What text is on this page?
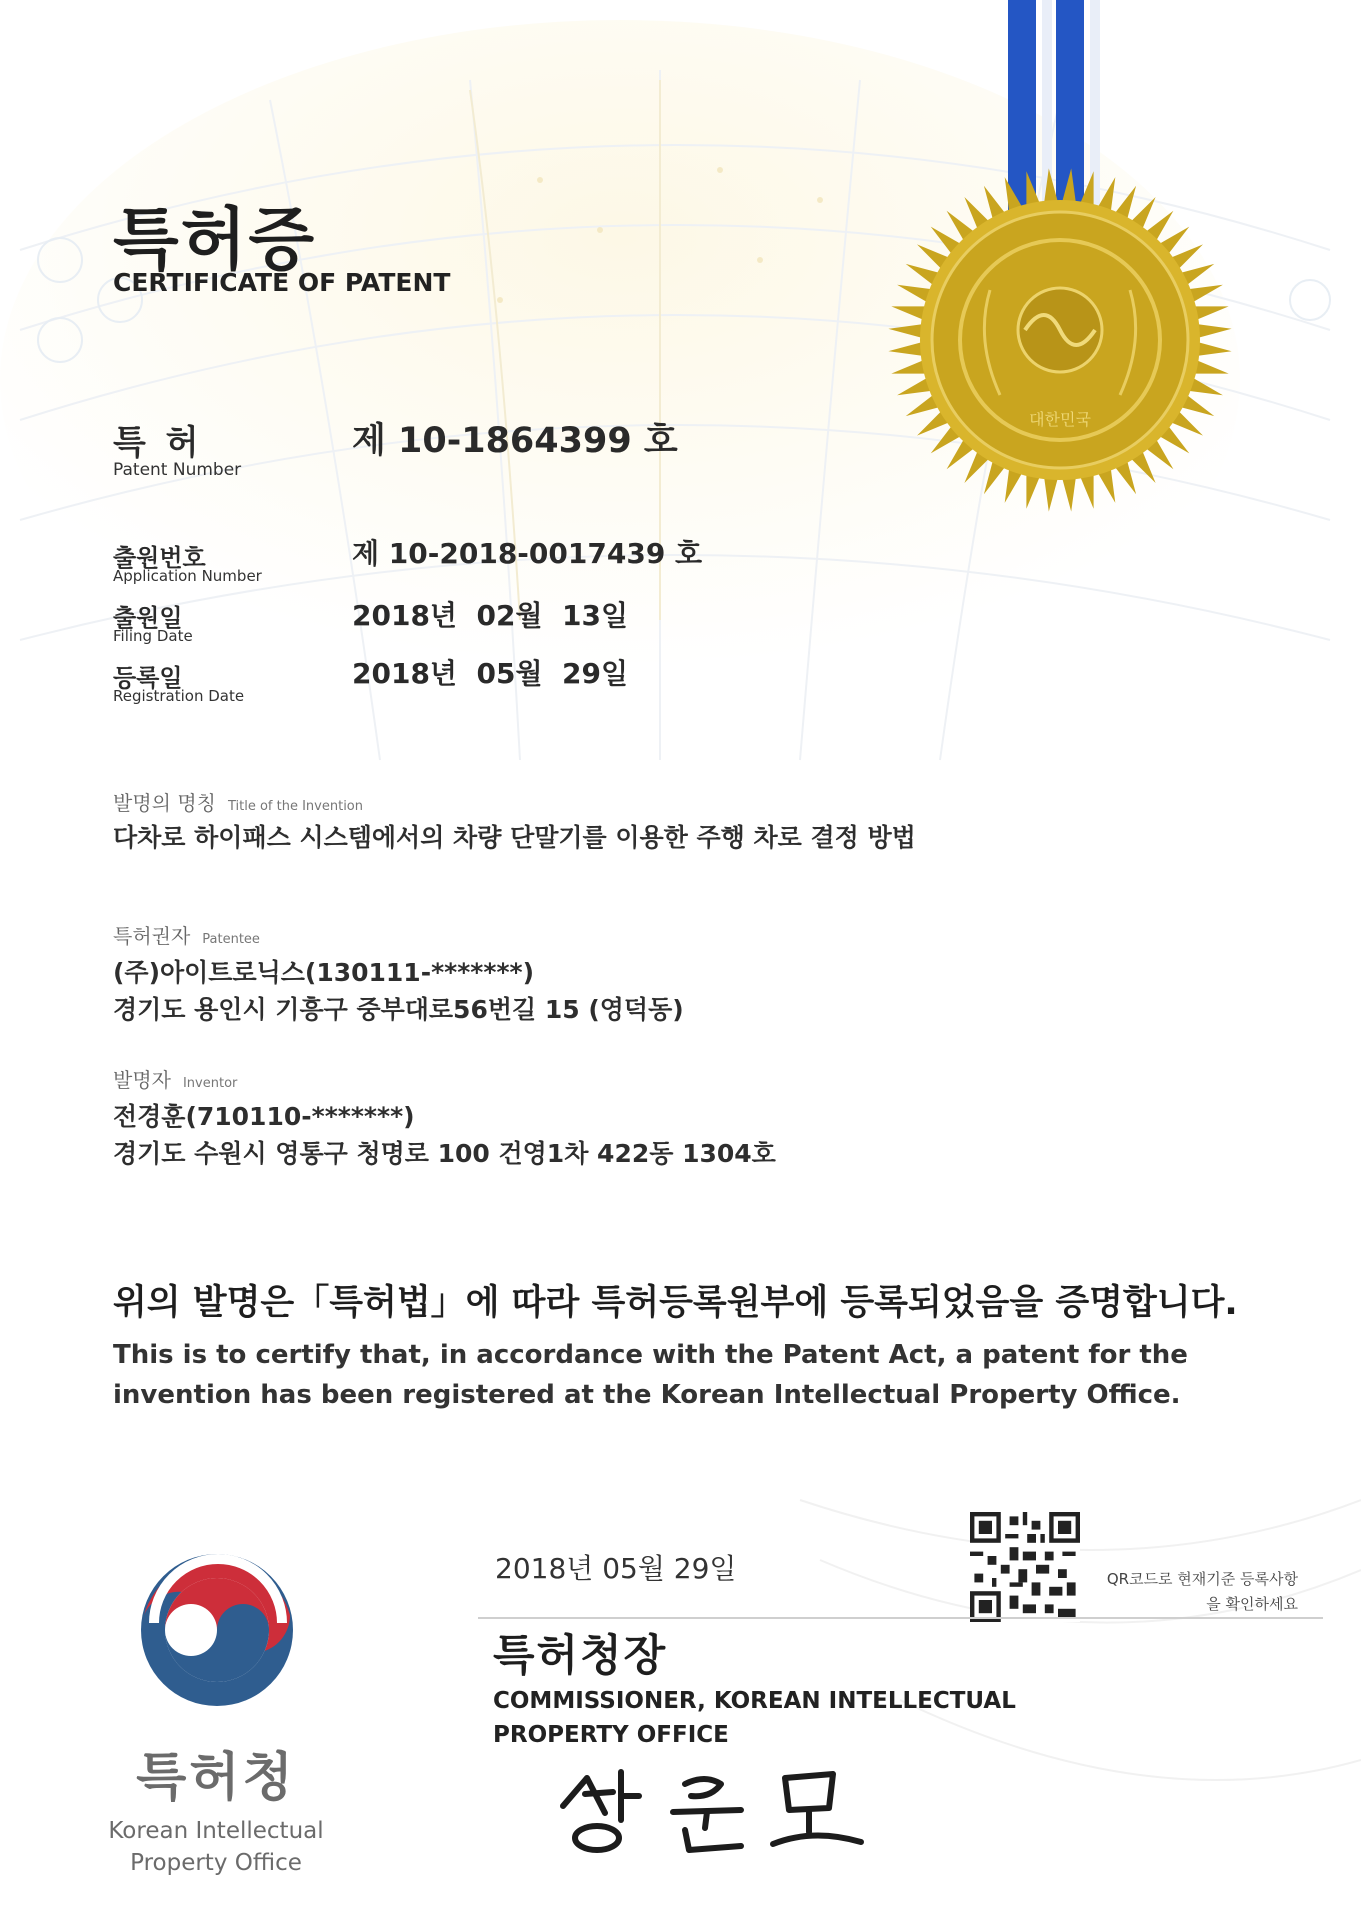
대한민국
특허증
CERTIFICATE OF PATENT
특 허
Patent Number
제 10-1864399 호
출원번호
Application Number
제 10-2018-0017439 호
출원일
Filing Date
2018년  02월  13일
등록일
Registration Date
2018년  05월  29일
발명의 명칭 Title of the Invention
다차로 하이패스 시스템에서의 차량 단말기를 이용한 주행 차로 결정 방법
특허권자 Patentee
(주)아이트로닉스(130111-*******)
경기도 용인시 기흥구 중부대로56번길 15 (영덕동)
발명자 Inventor
전경훈(710110-*******)
경기도 수원시 영통구 청명로 100 건영1차 422동 1304호
위의 발명은「특허법」에 따라 특허등록원부에 등록되었음을 증명합니다.
This is to certify that, in accordance with the Patent Act, a patent for the invention has been registered at the Korean Intellectual Property Office.
2018년 05월 29일	QR코드로 현재기준 등록사항을 확인하세요
특허청장
COMMISSIONER, KOREAN INTELLECTUAL PROPERTY OFFICE
특허청
Korean Intellectual Property Office
